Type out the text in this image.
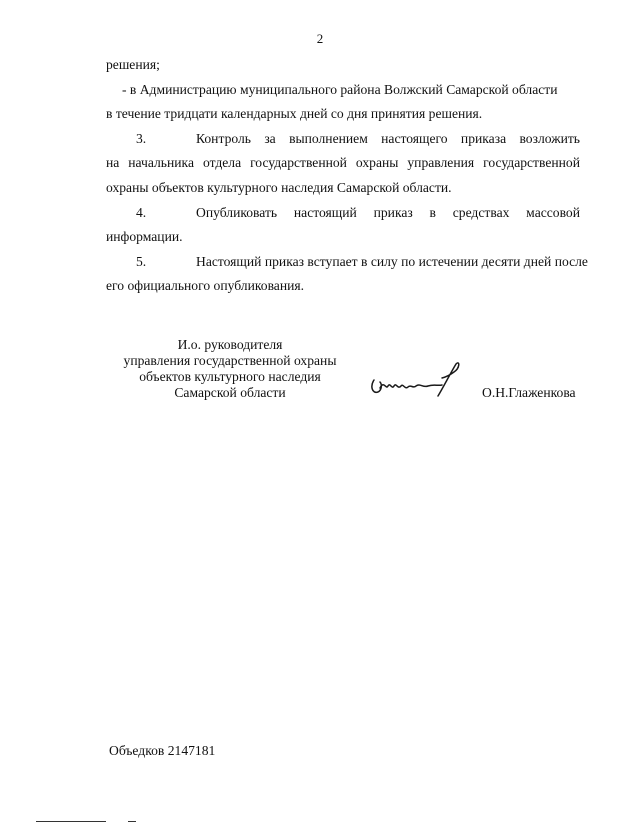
2
решения;
- в Администрацию муниципального района Волжский Самарской области
в течение тридцати календарных дней со дня принятия решения.
3.	Контроль за выполнением настоящего приказа возложить
на начальника отдела государственной охраны управления государственной
охраны объектов культурного наследия Самарской области.
4.	Опубликовать настоящий приказ в средствах массовой
информации.
5.	Настоящий приказ вступает в силу по истечении десяти дней после
его официального опубликования.
И.о. руководителя
управления государственной охраны
объектов культурного наследия
Самарской области	О.Н.Глаженкова
Объедков 2147181
